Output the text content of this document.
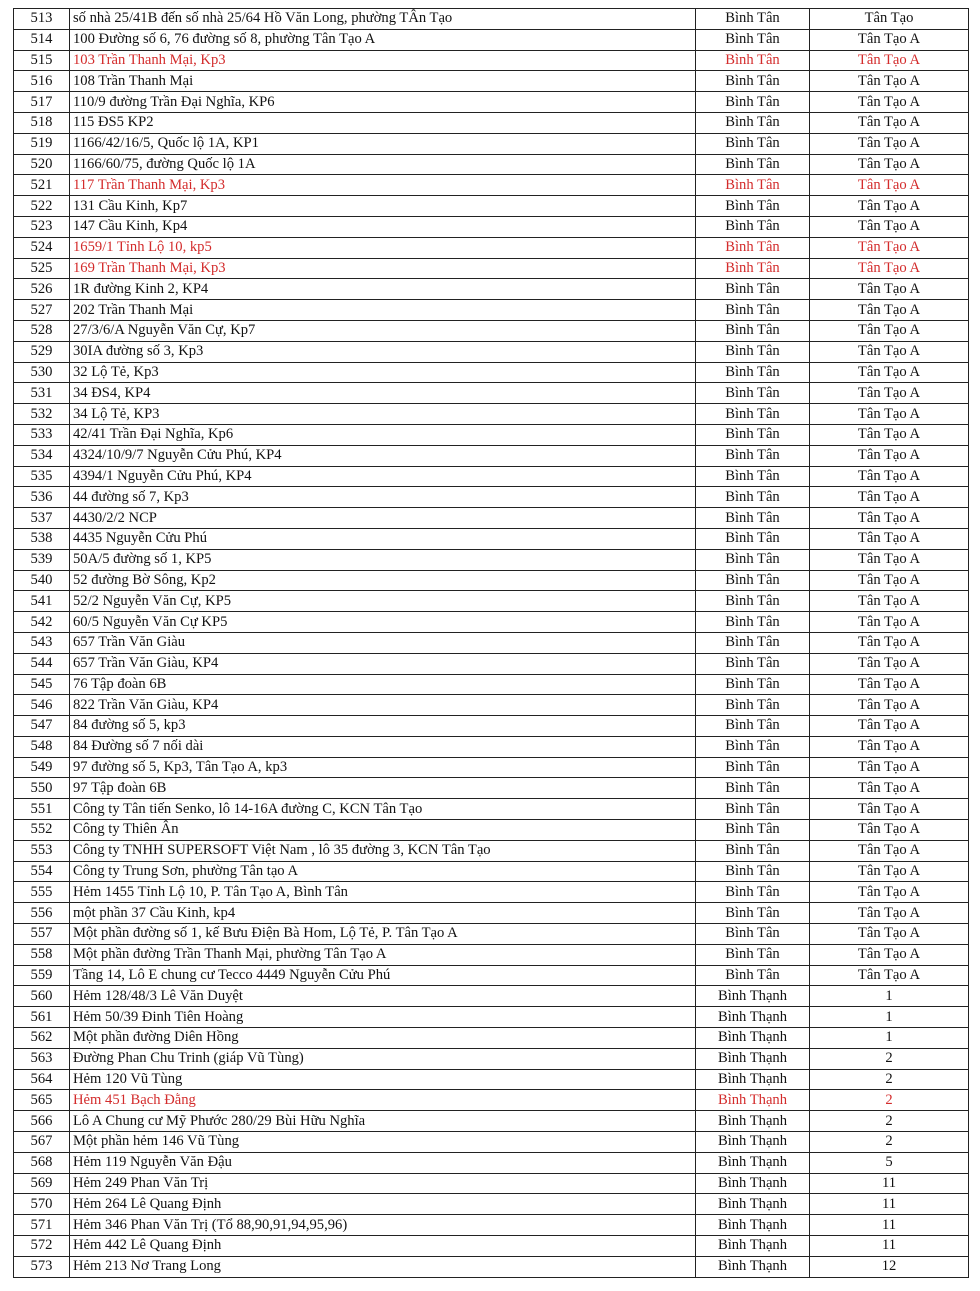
513	số nhà 25/41B đến số nhà 25/64 Hồ Văn Long, phường TÂn Tạo	Bình Tân	Tân Tạo
514	100 Đường số 6, 76 đường số 8, phường Tân Tạo A	Bình Tân	Tân Tạo A
515	103 Trần Thanh Mại, Kp3	Bình Tân	Tân Tạo A
516	108 Trần Thanh Mại	Bình Tân	Tân Tạo A
517	110/9 đường Trần Đại Nghĩa, KP6	Bình Tân	Tân Tạo A
518	115 ĐS5 KP2	Bình Tân	Tân Tạo A
519	1166/42/16/5, Quốc lộ 1A, KP1	Bình Tân	Tân Tạo A
520	1166/60/75, đường Quốc lộ 1A	Bình Tân	Tân Tạo A
521	117 Trần Thanh Mại, Kp3	Bình Tân	Tân Tạo A
522	131 Cầu Kinh, Kp7	Bình Tân	Tân Tạo A
523	147 Cầu Kinh, Kp4	Bình Tân	Tân Tạo A
524	1659/1 Tỉnh Lộ 10, kp5	Bình Tân	Tân Tạo A
525	169 Trần Thanh Mại, Kp3	Bình Tân	Tân Tạo A
526	1R đường Kinh 2, KP4	Bình Tân	Tân Tạo A
527	202 Trần Thanh Mại	Bình Tân	Tân Tạo A
528	27/3/6/A Nguyễn Văn Cự, Kp7	Bình Tân	Tân Tạo A
529	30IA đường số 3, Kp3	Bình Tân	Tân Tạo A
530	32 Lộ Tẻ, Kp3	Bình Tân	Tân Tạo A
531	34 ĐS4, KP4	Bình Tân	Tân Tạo A
532	34 Lộ Tẻ, KP3	Bình Tân	Tân Tạo A
533	42/41 Trần Đại Nghĩa, Kp6	Bình Tân	Tân Tạo A
534	4324/10/9/7 Nguyễn Cửu Phú, KP4	Bình Tân	Tân Tạo A
535	4394/1 Nguyễn Cửu Phú, KP4	Bình Tân	Tân Tạo A
536	44 đường số 7, Kp3	Bình Tân	Tân Tạo A
537	4430/2/2 NCP	Bình Tân	Tân Tạo A
538	4435 Nguyễn Cửu Phú	Bình Tân	Tân Tạo A
539	50A/5 đường số 1, KP5	Bình Tân	Tân Tạo A
540	52 đường Bờ Sông, Kp2	Bình Tân	Tân Tạo A
541	52/2 Nguyễn Văn Cự, KP5	Bình Tân	Tân Tạo A
542	60/5 Nguyễn Văn Cự KP5	Bình Tân	Tân Tạo A
543	657 Trần Văn Giàu	Bình Tân	Tân Tạo A
544	657 Trần Văn Giàu, KP4	Bình Tân	Tân Tạo A
545	76 Tập đoàn 6B	Bình Tân	Tân Tạo A
546	822 Trần Văn Giàu, KP4	Bình Tân	Tân Tạo A
547	84 đường số 5, kp3	Bình Tân	Tân Tạo A
548	84 Đường số 7 nối dài	Bình Tân	Tân Tạo A
549	97 đường số 5, Kp3, Tân Tạo A, kp3	Bình Tân	Tân Tạo A
550	97 Tập đoàn 6B	Bình Tân	Tân Tạo A
551	Công ty Tân tiến Senko, lô 14-16A đường C, KCN Tân Tạo	Bình Tân	Tân Tạo A
552	Công ty Thiên Ân	Bình Tân	Tân Tạo A
553	Công ty TNHH SUPERSOFT Việt Nam , lô 35 đường 3, KCN Tân Tạo	Bình Tân	Tân Tạo A
554	Công ty Trung Sơn, phường Tân tạo A	Bình Tân	Tân Tạo A
555	Hẻm 1455 Tỉnh Lộ 10, P. Tân Tạo A, Bình Tân	Bình Tân	Tân Tạo A
556	một phần 37 Cầu Kinh, kp4	Bình Tân	Tân Tạo A
557	Một phần đường số 1, kế Bưu Điện Bà Hom, Lộ Tẻ, P. Tân Tạo A	Bình Tân	Tân Tạo A
558	Một phần đường Trần Thanh Mại, phường Tân Tạo A	Bình Tân	Tân Tạo A
559	Tầng 14, Lô E chung cư Tecco 4449 Nguyễn Cửu Phú	Bình Tân	Tân Tạo A
560	Hẻm 128/48/3 Lê Văn Duyệt	Bình Thạnh	1
561	Hẻm 50/39 Đinh Tiên Hoàng	Bình Thạnh	1
562	Một phần đường Diên Hồng	Bình Thạnh	1
563	Đường Phan Chu Trinh (giáp Vũ Tùng)	Bình Thạnh	2
564	Hẻm 120 Vũ Tùng	Bình Thạnh	2
565	Hẻm 451 Bạch Đằng	Bình Thạnh	2
566	Lô A Chung cư Mỹ Phước 280/29 Bùi Hữu Nghĩa	Bình Thạnh	2
567	Một phần hẻm 146 Vũ Tùng	Bình Thạnh	2
568	Hẻm 119 Nguyễn Văn Đậu	Bình Thạnh	5
569	Hẻm 249 Phan Văn Trị	Bình Thạnh	11
570	Hẻm 264 Lê Quang Định	Bình Thạnh	11
571	Hẻm 346 Phan Văn Trị (Tổ 88,90,91,94,95,96)	Bình Thạnh	11
572	Hẻm 442 Lê Quang Định	Bình Thạnh	11
573	Hẻm 213 Nơ Trang Long	Bình Thạnh	12
